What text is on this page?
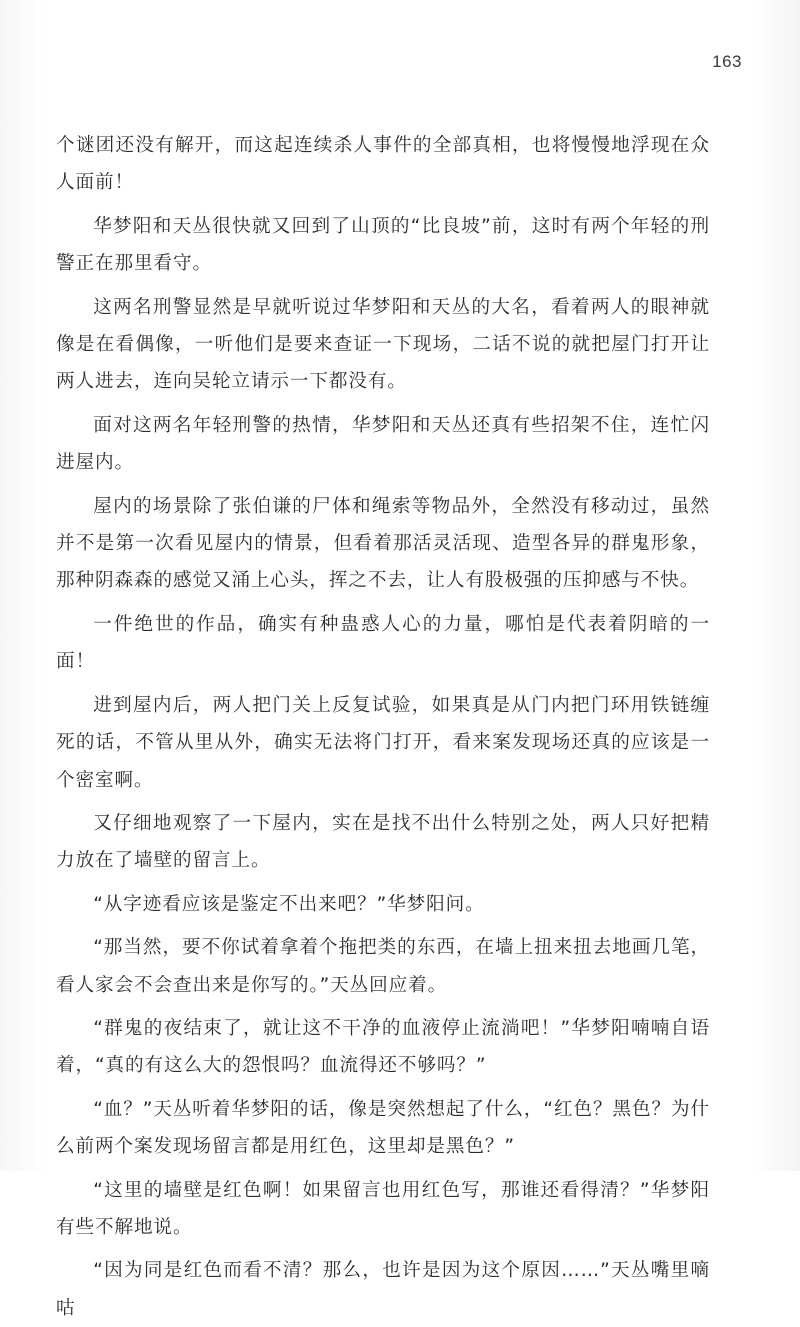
163

个谜团还没有解开，而这起连续杀人事件的全部真相，也将慢慢地浮现在众人面前！

华梦阳和天丛很快就又回到了山顶的“比良坡”前，这时有两个年轻的刑警正在那里看守。

这两名刑警显然是早就听说过华梦阳和天丛的大名，看着两人的眼神就像是在看偶像，一听他们是要来查证一下现场，二话不说的就把屋门打开让两人进去，连向吴轮立请示一下都没有。

面对这两名年轻刑警的热情，华梦阳和天丛还真有些招架不住，连忙闪进屋内。

屋内的场景除了张伯谦的尸体和绳索等物品外，全然没有移动过，虽然并不是第一次看见屋内的情景，但看着那活灵活现、造型各异的群鬼形象，那种阴森森的感觉又涌上心头，挥之不去，让人有股极强的压抑感与不快。

一件绝世的作品，确实有种蛊惑人心的力量，哪怕是代表着阴暗的一面！

进到屋内后，两人把门关上反复试验，如果真是从门内把门环用铁链缠死的话，不管从里从外，确实无法将门打开，看来案发现场还真的应该是一个密室啊。

又仔细地观察了一下屋内，实在是找不出什么特别之处，两人只好把精力放在了墙壁的留言上。

“从字迹看应该是鉴定不出来吧？”华梦阳问。

“那当然，要不你试着拿着个拖把类的东西，在墙上扭来扭去地画几笔，看人家会不会查出来是你写的。”天丛回应着。

“群鬼的夜结束了，就让这不干净的血液停止流淌吧！”华梦阳喃喃自语着，“真的有这么大的怨恨吗？血流得还不够吗？”

“血？”天丛听着华梦阳的话，像是突然想起了什么，“红色？黑色？为什么前两个案发现场留言都是用红色，这里却是黑色？”

“这里的墙壁是红色啊！如果留言也用红色写，那谁还看得清？”华梦阳有些不解地说。

“因为同是红色而看不清？那么，也许是因为这个原因……”天丛嘴里嘀咕
